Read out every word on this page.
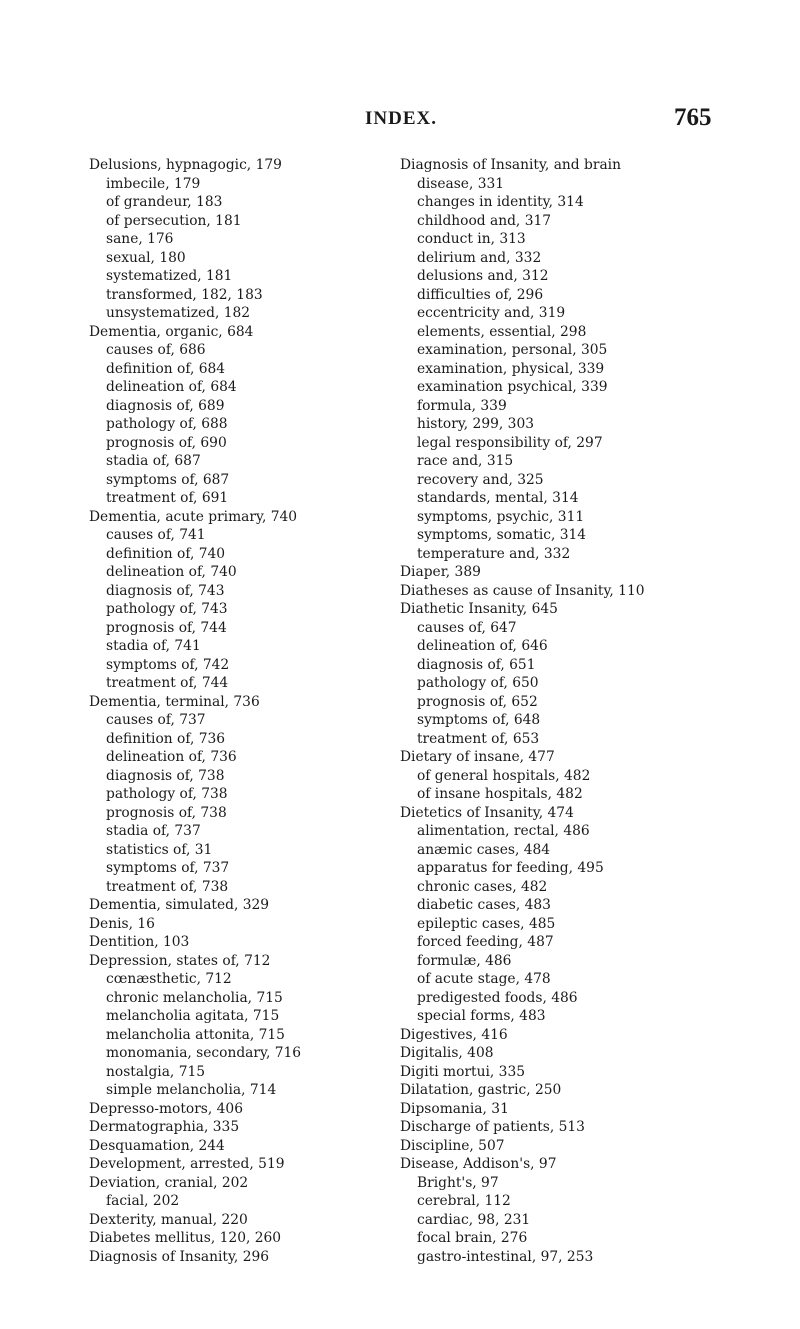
INDEX.	765
Delusions, hypnagogic, 179
imbecile, 179
of grandeur, 183
of persecution, 181
sane, 176
sexual, 180
systematized, 181
transformed, 182, 183
unsystematized, 182
Dementia, organic, 684
causes of, 686
definition of, 684
delineation of, 684
diagnosis of, 689
pathology of, 688
prognosis of, 690
stadia of, 687
symptoms of, 687
treatment of, 691
Dementia, acute primary, 740
causes of, 741
definition of, 740
delineation of, 740
diagnosis of, 743
pathology of, 743
prognosis of, 744
stadia of, 741
symptoms of, 742
treatment of, 744
Dementia, terminal, 736
causes of, 737
definition of, 736
delineation of, 736
diagnosis of, 738
pathology of, 738
prognosis of, 738
stadia of, 737
statistics of, 31
symptoms of, 737
treatment of, 738
Dementia, simulated, 329
Denis, 16
Dentition, 103
Depression, states of, 712
cœnæsthetic, 712
chronic melancholia, 715
melancholia agitata, 715
melancholia attonita, 715
monomania, secondary, 716
nostalgia, 715
simple melancholia, 714
Depresso-motors, 406
Dermatographia, 335
Desquamation, 244
Development, arrested, 519
Deviation, cranial, 202
facial, 202
Dexterity, manual, 220
Diabetes mellitus, 120, 260
Diagnosis of Insanity, 296
Diagnosis of Insanity, and brain
disease, 331
changes in identity, 314
childhood and, 317
conduct in, 313
delirium and, 332
delusions and, 312
difficulties of, 296
eccentricity and, 319
elements, essential, 298
examination, personal, 305
examination, physical, 339
examination psychical, 339
formula, 339
history, 299, 303
legal responsibility of, 297
race and, 315
recovery and, 325
standards, mental, 314
symptoms, psychic, 311
symptoms, somatic, 314
temperature and, 332
Diaper, 389
Diatheses as cause of Insanity, 110
Diathetic Insanity, 645
causes of, 647
delineation of, 646
diagnosis of, 651
pathology of, 650
prognosis of, 652
symptoms of, 648
treatment of, 653
Dietary of insane, 477
of general hospitals, 482
of insane hospitals, 482
Dietetics of Insanity, 474
alimentation, rectal, 486
anæmic cases, 484
apparatus for feeding, 495
chronic cases, 482
diabetic cases, 483
epileptic cases, 485
forced feeding, 487
formulæ, 486
of acute stage, 478
predigested foods, 486
special forms, 483
Digestives, 416
Digitalis, 408
Digiti mortui, 335
Dilatation, gastric, 250
Dipsomania, 31
Discharge of patients, 513
Discipline, 507
Disease, Addison's, 97
Bright's, 97
cerebral, 112
cardiac, 98, 231
focal brain, 276
gastro-intestinal, 97, 253
